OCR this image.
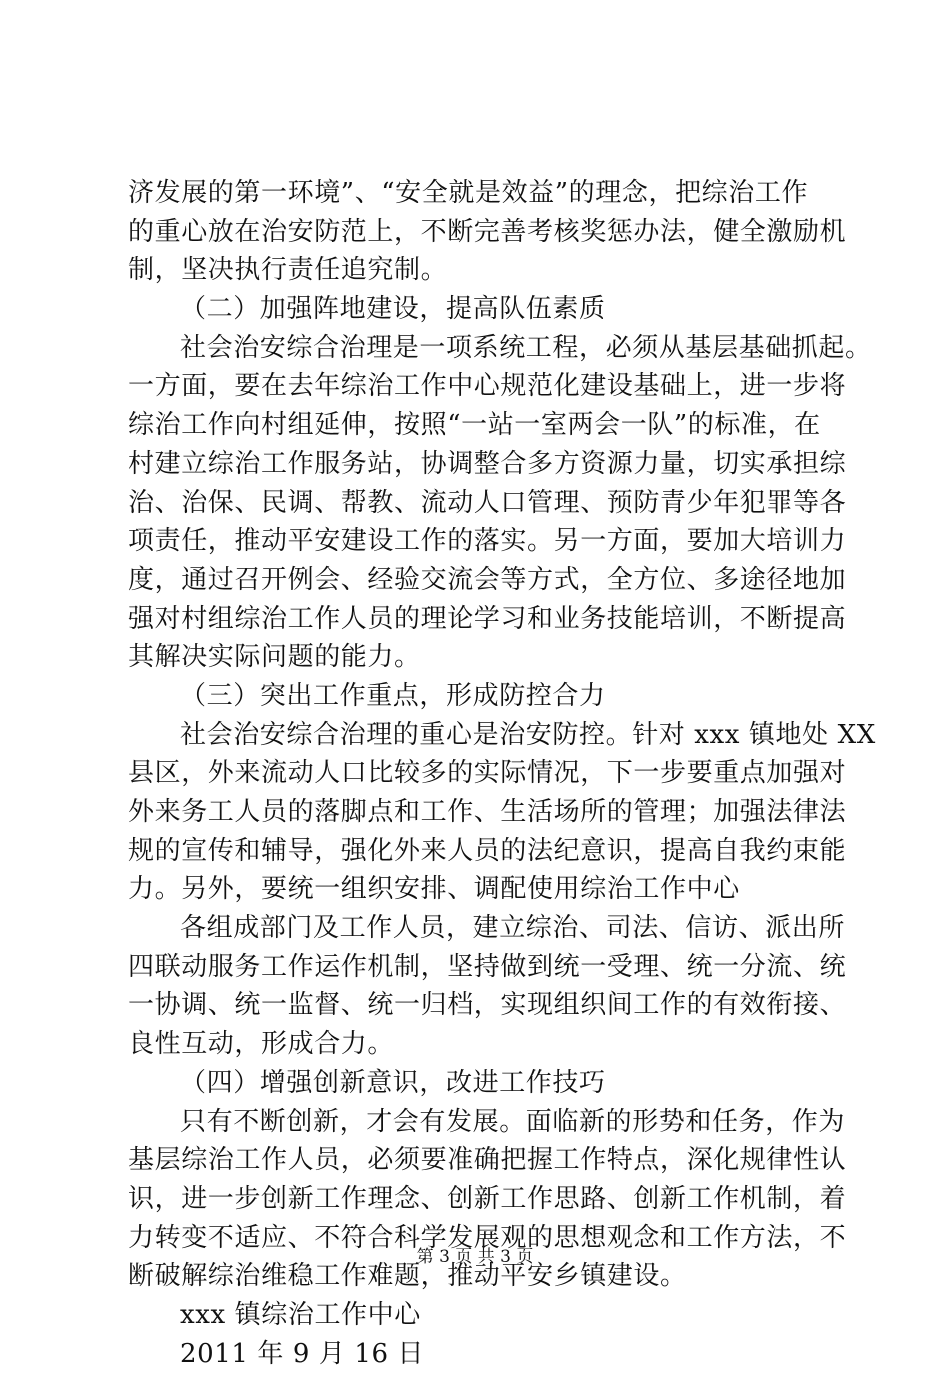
济发展的第一环境”、“安全就是效益”的理念，把综治工作
的重心放在治安防范上，不断完善考核奖惩办法，健全激励机
制，坚决执行责任追究制。
（二）加强阵地建设，提高队伍素质
社会治安综合治理是一项系统工程，必须从基层基础抓起。
一方面，要在去年综治工作中心规范化建设基础上，进一步将
综治工作向村组延伸，按照“一站一室两会一队”的标准，在
村建立综治工作服务站，协调整合多方资源力量，切实承担综
治、治保、民调、帮教、流动人口管理、预防青少年犯罪等各
项责任，推动平安建设工作的落实。另一方面，要加大培训力
度，通过召开例会、经验交流会等方式，全方位、多途径地加
强对村组综治工作人员的理论学习和业务技能培训，不断提高
其解决实际问题的能力。
（三）突出工作重点，形成防控合力
社会治安综合治理的重心是治安防控。针对 xxx 镇地处 XX
县区，外来流动人口比较多的实际情况，下一步要重点加强对
外来务工人员的落脚点和工作、生活场所的管理；加强法律法
规的宣传和辅导，强化外来人员的法纪意识，提高自我约束能
力。另外，要统一组织安排、调配使用综治工作中心
各组成部门及工作人员，建立综治、司法、信访、派出所
四联动服务工作运作机制，坚持做到统一受理、统一分流、统
一协调、统一监督、统一归档，实现组织间工作的有效衔接、
良性互动，形成合力。
（四）增强创新意识，改进工作技巧
只有不断创新，才会有发展。面临新的形势和任务，作为
基层综治工作人员，必须要准确把握工作特点，深化规律性认
识，进一步创新工作理念、创新工作思路、创新工作机制，着
力转变不适应、不符合科学发展观的思想观念和工作方法，不
断破解综治维稳工作难题，推动平安乡镇建设。
xxx 镇综治工作中心
2011 年 9 月 16 日
第 3 页 共 3 页
